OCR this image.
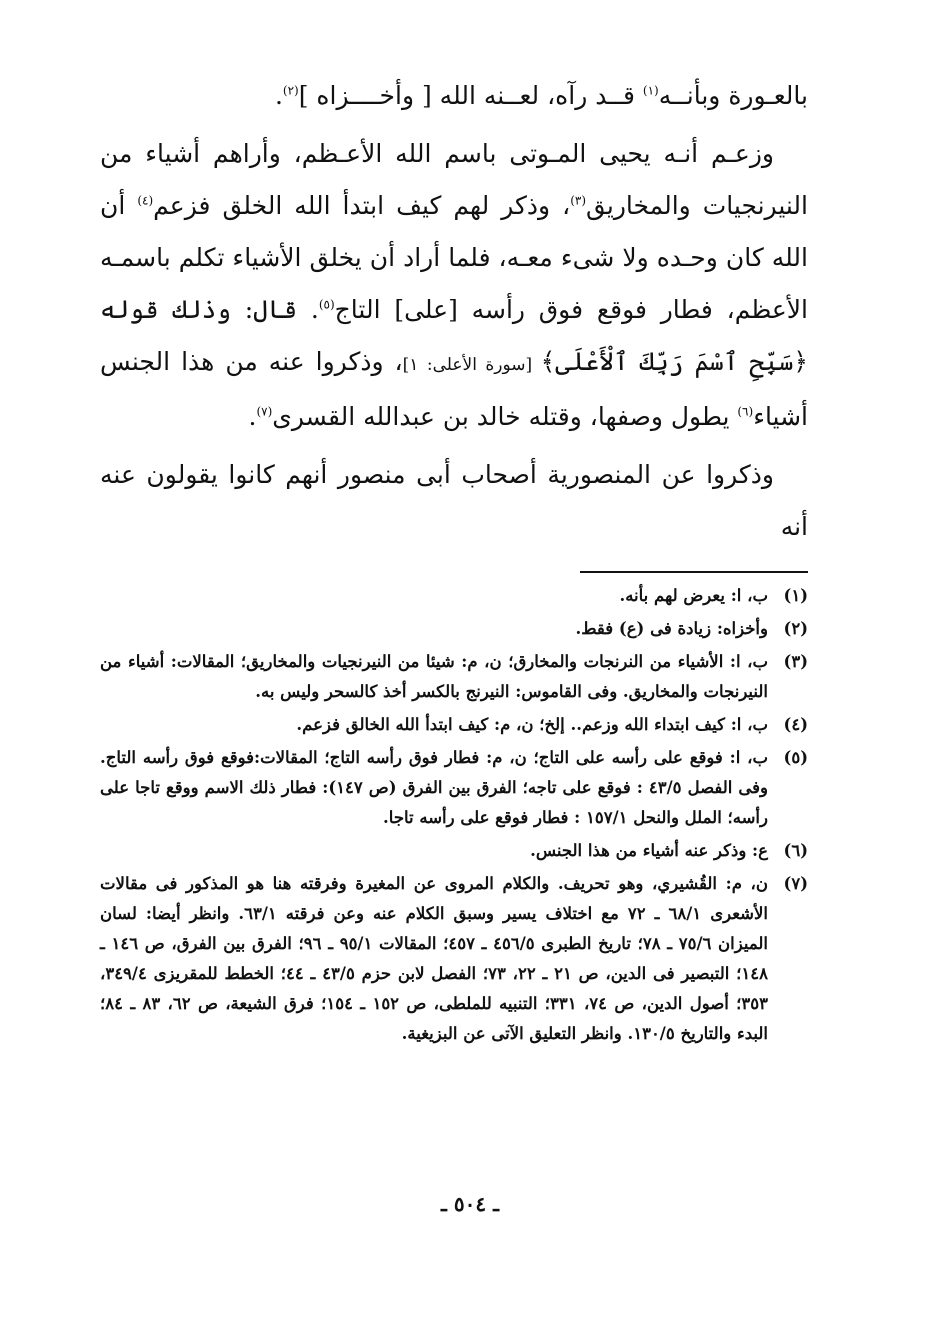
بالعـورة وبأنــه$^{(١)}$ قــد رآه، لعــنه الله [ وأخــــزاه ]$^{(٢)}$.

وزعـم أنـه يحيى المـوتى باسم الله الأعـظم، وأراهم أشياء من النيرنجيات والمخاريق$^{(٣)}$، وذكر لهم كيف ابتدأ الله الخلق فزعم$^{(٤)}$ أن الله كان وحـده ولا شىء معـه، فلما أراد أن يخلق الأشياء تكلم باسمـه الأعظم، فطار فوقع فوق رأسه [على] التاج$^{(٥)}$. قال: وذلك قوله ﴿سَبِّحِ ٱسْمَ رَبِّكَ ٱلْأَعْلَى﴾ [سورة الأعلى: ١]، وذكروا عنه من هذا الجنس أشياء$^{(٦)}$ يطول وصفها، وقتله خالد بن عبدالله القسرى$^{(٧)}$.

وذكروا عن المنصورية أصحاب أبى منصور أنهم كانوا يقولون عنه أنه

(١)
ب، ا: يعرض لهم بأنه.
(٢)
وأخزاه: زيادة فى (ع) فقط.
(٣)
ب، ا: الأشياء من النرنجات والمخارق؛ ن، م: شيئا من النيرنجيات والمخاريق؛ المقالات: أشياء من النيرنجات والمخاريق. وفى القاموس: النيرنج بالكسر أخذ كالسحر وليس به.
(٤)
ب، ا: كيف ابتداء الله وزعم.. إلخ؛ ن، م: كيف ابتدأ الله الخالق فزعم.
(٥)
ب، ا: فوقع على رأسه على التاج؛ ن، م: فطار فوق رأسه التاج؛ المقالات:فوقع فوق رأسه التاج. وفى الفصل ٤٣/٥ : فوقع على تاجه؛ الفرق بين الفرق (ص ١٤٧): فطار ذلك الاسم ووقع تاجا على رأسه؛ الملل والنحل ١٥٧/١ : فطار فوقع على رأسه تاجا.
(٦)
ع: وذكر عنه أشياء من هذا الجنس.
(٧)
ن، م: القُشيري، وهو تحريف. والكلام المروى عن المغيرة وفرقته هنا هو المذكور فى مقالات الأشعرى ٦٨/١ ـ ٧٢ مع اختلاف يسير وسبق الكلام عنه وعن فرقته ٦٣/١. وانظر أيضا: لسان الميزان ٧٥/٦ ـ ٧٨؛ تاريخ الطبرى ٤٥٦/٥ ـ ٤٥٧؛ المقالات ٩٥/١ ـ ٩٦؛ الفرق بين الفرق، ص ١٤٦ ـ ١٤٨؛ التبصير فى الدين، ص ٢١ ـ ٢٢، ٧٣؛ الفصل لابن حزم ٤٣/٥ ـ ٤٤؛ الخطط للمقريزى ٣٤٩/٤، ٣٥٣؛ أصول الدين، ص ٧٤، ٣٣١؛ التنبيه للملطى، ص ١٥٢ ـ ١٥٤؛ فرق الشيعة، ص ٦٢، ٨٣ ـ ٨٤؛ البدء والتاريخ ١٣٠/٥. وانظر التعليق الآتى عن البزيغية.
ـ ٥٠٤ ـ
